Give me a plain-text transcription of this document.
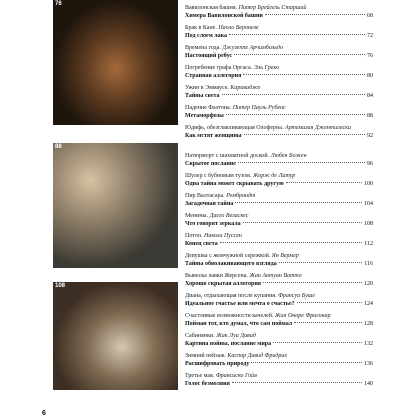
76
88
108
Вавилонская башня. Питер Брейгель Старший
Химера Вавилонской башни	68
Брак в Кане. Паоло Веронезе
Под слоем лака	72
Времена года. Джузеппе Арчимбольдо
Настоящий ребус	76
Погребение графа Оргаса. Эль Греко
Странная аллегория	80
Ужин в Эммаусе. Караваджо
Тайны света	84
Падение Фаэтона. Питер Пауль Рубенс
Метаморфозы	88
Юдифь, обезглавливающая Олоферна. Артемизия Джентилески
Как мстят женщины	92
Натюрморт с шахматной доской. Любен Божен
Скрытое послание	96
Шулер с бубновым тузом. Жорж де Латур
Одна тайна может скрывать другую	100
Пир Валтасара. Рембрандт
Загадочная тайна	104
Менины. Диего Веласкес
Что говорят зеркала	108
Потоп. Никола Пуссен
Конец света	112
Девушка с жемчужной сережкой. Ян Вермер
Тайны обволакивающего взгляда	116
Вывеска лавки Жерсена. Жан Антуан Ватто
Хорошо скрытая аллегория	120
Диана, отдыхающая после купания. Франсуа Буше
Идеальное счастье или мечта о счастье?	124
Счастливые возможности качелей. Жан Оноре Фрагонар
Пойман тот, кто думал, что сам поймал	128
Сабинянки. Жак Луи Давид
Картина войны, послание мира	132
Зимний пейзаж. Каспар Давид Фридрих
Расшифровать природу	136
Третье мая. Франсиско Гойя
Голос безмолвия	140
6
